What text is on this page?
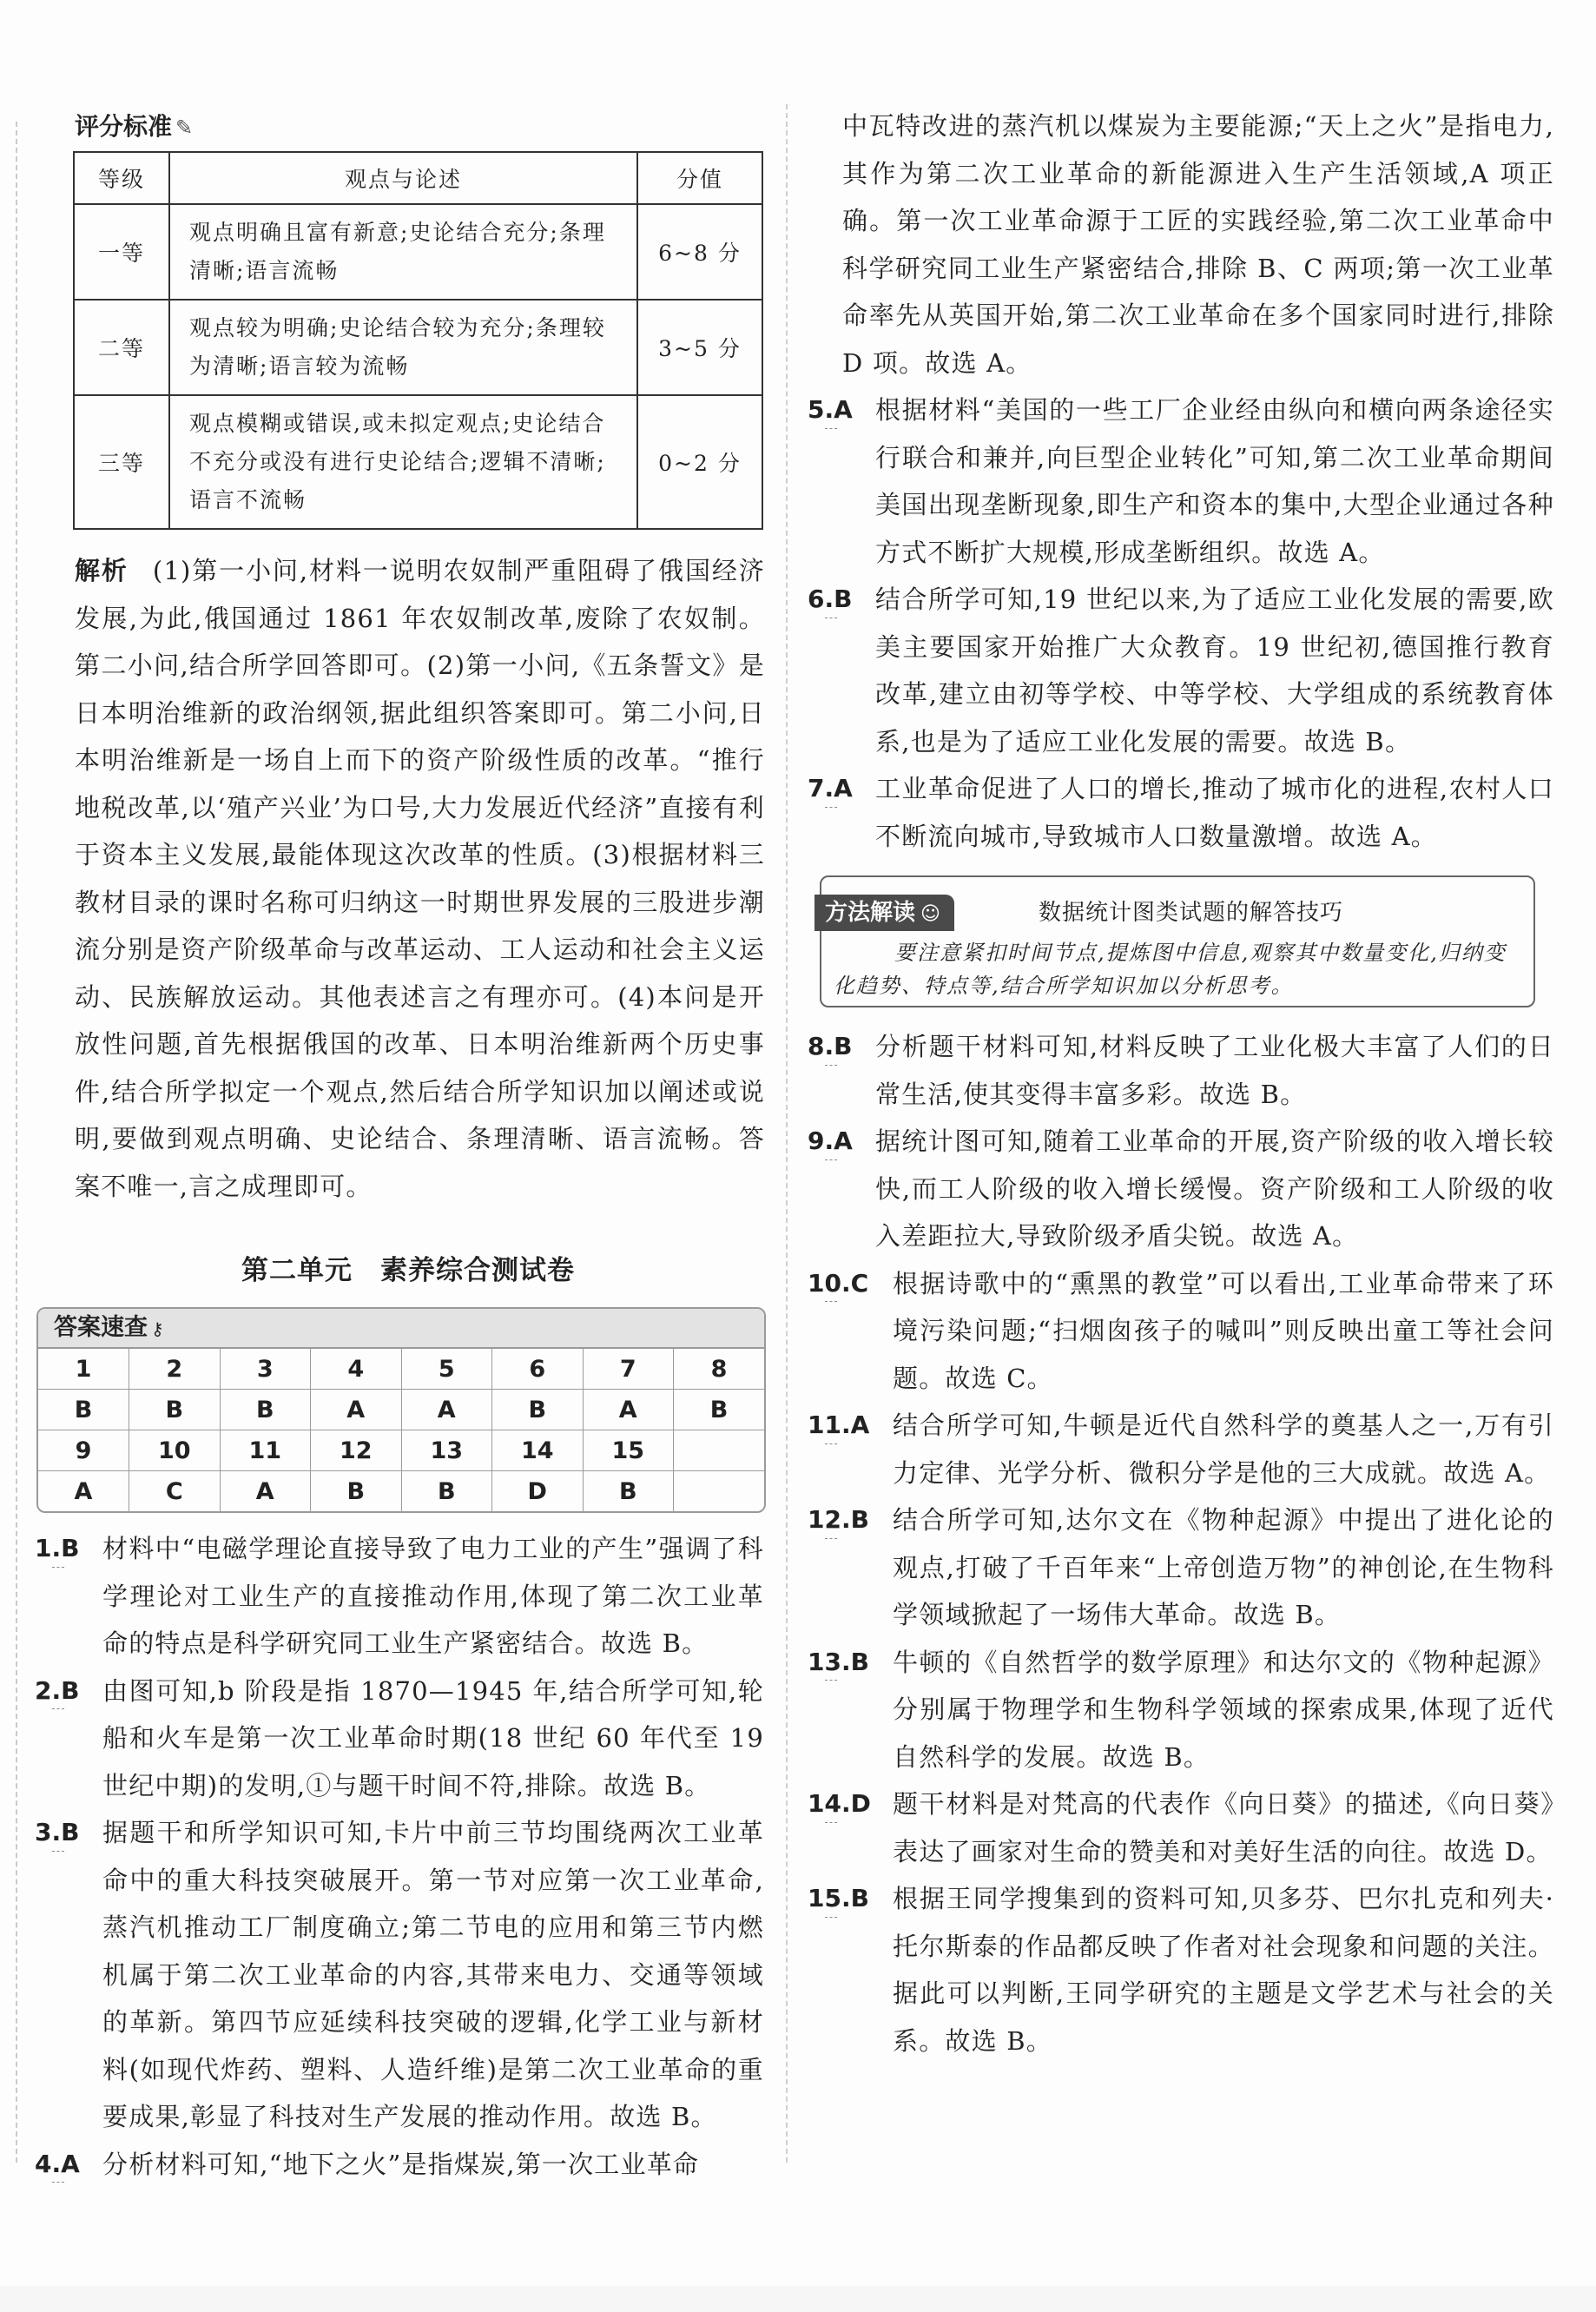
评分标准 ✎
等级	观点与论述	分值
一等	观点明确且富有新意;史论结合充分;条理清晰;语言流畅	6~8 分
二等	观点较为明确;史论结合较为充分;条理较为清晰;语言较为流畅	3~5 分
三等	观点模糊或错误,或未拟定观点;史论结合不充分或没有进行史论结合;逻辑不清晰;语言不流畅	0~2 分

解析 (1)第一小问,材料一说明农奴制严重阻碍了俄国经济发展,为此,俄国通过 1861 年农奴制改革,废除了农奴制。第二小问,结合所学回答即可。(2)第一小问,《五条誓文》是日本明治维新的政治纲领,据此组织答案即可。第二小问,日本明治维新是一场自上而下的资产阶级性质的改革。“推行地税改革,以‘殖产兴业’为口号,大力发展近代经济”直接有利于资本主义发展,最能体现这次改革的性质。(3)根据材料三教材目录的课时名称可归纳这一时期世界发展的三股进步潮流分别是资产阶级革命与改革运动、工人运动和社会主义运动、民族解放运动。其他表述言之有理亦可。(4)本问是开放性问题,首先根据俄国的改革、日本明治维新两个历史事件,结合所学拟定一个观点,然后结合所学知识加以阐述或说明,要做到观点明确、史论结合、条理清晰、语言流畅。答案不唯一,言之成理即可。

第二单元　素养综合测试卷
答案速查 ⚷
1	2	3	4	5	6	7	8
B	B	B	A	A	B	A	B
9	10	11	12	13	14	15	
A	C	A	B	B	D	B	

1.B 材料中“电磁学理论直接导致了电力工业的产生”强调了科学理论对工业生产的直接推动作用,体现了第二次工业革命的特点是科学研究同工业生产紧密结合。故选 B。

2.B 由图可知,b 阶段是指 1870—1945 年,结合所学可知,轮船和火车是第一次工业革命时期(18 世纪 60 年代至 19 世纪中期)的发明,①与题干时间不符,排除。故选 B。

3.B 据题干和所学知识可知,卡片中前三节均围绕两次工业革命中的重大科技突破展开。第一节对应第一次工业革命,蒸汽机推动工厂制度确立;第二节电的应用和第三节内燃机属于第二次工业革命的内容,其带来电力、交通等领域的革新。第四节应延续科技突破的逻辑,化学工业与新材料(如现代炸药、塑料、人造纤维)是第二次工业革命的重要成果,彰显了科技对生产发展的推动作用。故选 B。

4.A 分析材料可知,“地下之火”是指煤炭,第一次工业革命

中瓦特改进的蒸汽机以煤炭为主要能源;“天上之火”是指电力,其作为第二次工业革命的新能源进入生产生活领域,A 项正确。第一次工业革命源于工匠的实践经验,第二次工业革命中科学研究同工业生产紧密结合,排除 B、C 两项;第一次工业革命率先从英国开始,第二次工业革命在多个国家同时进行,排除 D 项。故选 A。

5.A 根据材料“美国的一些工厂企业经由纵向和横向两条途径实行联合和兼并,向巨型企业转化”可知,第二次工业革命期间美国出现垄断现象,即生产和资本的集中,大型企业通过各种方式不断扩大规模,形成垄断组织。故选 A。

6.B 结合所学可知,19 世纪以来,为了适应工业化发展的需要,欧美主要国家开始推广大众教育。19 世纪初,德国推行教育改革,建立由初等学校、中等学校、大学组成的系统教育体系,也是为了适应工业化发展的需要。故选 B。

7.A 工业革命促进了人口的增长,推动了城市化的进程,农村人口不断流向城市,导致城市人口数量激增。故选 A。

方法解读 ☺	数据统计图类试题的解答技巧
要注意紧扣时间节点,提炼图中信息,观察其中数量变化,归纳变化趋势、特点等,结合所学知识加以分析思考。

8.B 分析题干材料可知,材料反映了工业化极大丰富了人们的日常生活,使其变得丰富多彩。故选 B。

9.A 据统计图可知,随着工业革命的开展,资产阶级的收入增长较快,而工人阶级的收入增长缓慢。资产阶级和工人阶级的收入差距拉大,导致阶级矛盾尖锐。故选 A。

10.C 根据诗歌中的“熏黑的教堂”可以看出,工业革命带来了环境污染问题;“扫烟囱孩子的喊叫”则反映出童工等社会问题。故选 C。

11.A 结合所学可知,牛顿是近代自然科学的奠基人之一,万有引力定律、光学分析、微积分学是他的三大成就。故选 A。

12.B 结合所学可知,达尔文在《物种起源》中提出了进化论的观点,打破了千百年来“上帝创造万物”的神创论,在生物科学领域掀起了一场伟大革命。故选 B。

13.B 牛顿的《自然哲学的数学原理》和达尔文的《物种起源》分别属于物理学和生物科学领域的探索成果,体现了近代自然科学的发展。故选 B。

14.D 题干材料是对梵高的代表作《向日葵》的描述,《向日葵》表达了画家对生命的赞美和对美好生活的向往。故选 D。

15.B 根据王同学搜集到的资料可知,贝多芬、巴尔扎克和列夫·托尔斯泰的作品都反映了作者对社会现象和问题的关注。据此可以判断,王同学研究的主题是文学艺术与社会的关系。故选 B。
